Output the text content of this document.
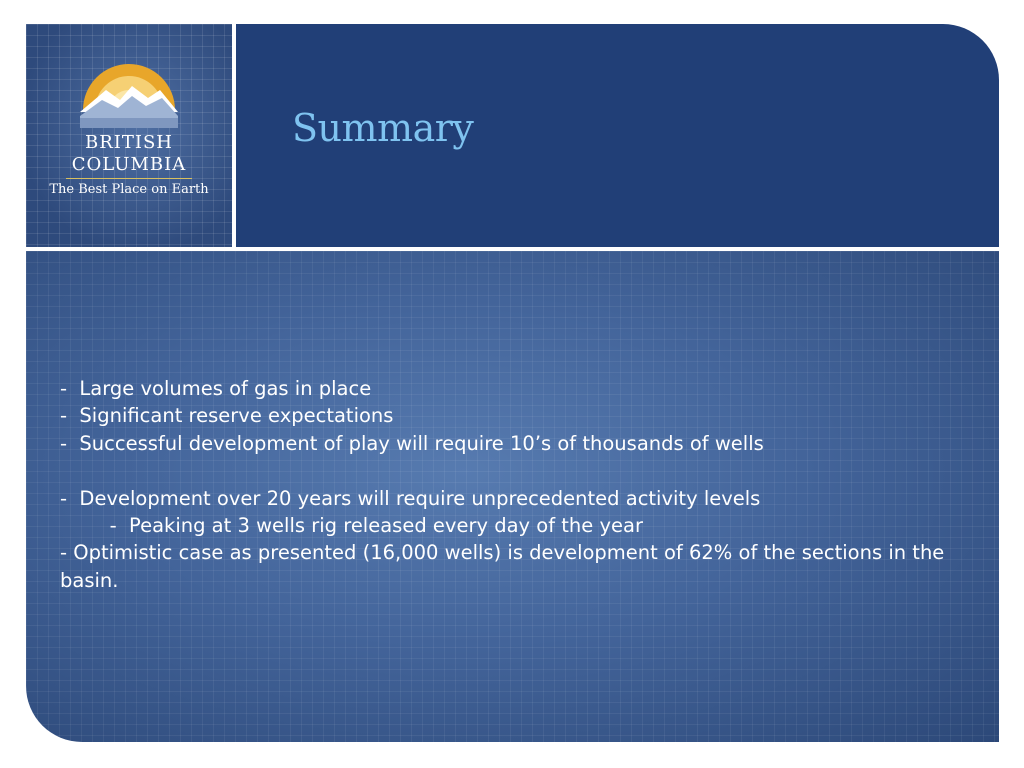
BRITISH
COLUMBIA
The Best Place on Earth
Summary
-  Large volumes of gas in place
-  Significant reserve expectations
-  Successful development of play will require 10’s of thousands of wells
-  Development over 20 years will require unprecedented activity levels
-  Peaking at 3 wells rig released every day of the year
- Optimistic case as presented (16,000 wells) is development of 62% of the sections in the basin.
